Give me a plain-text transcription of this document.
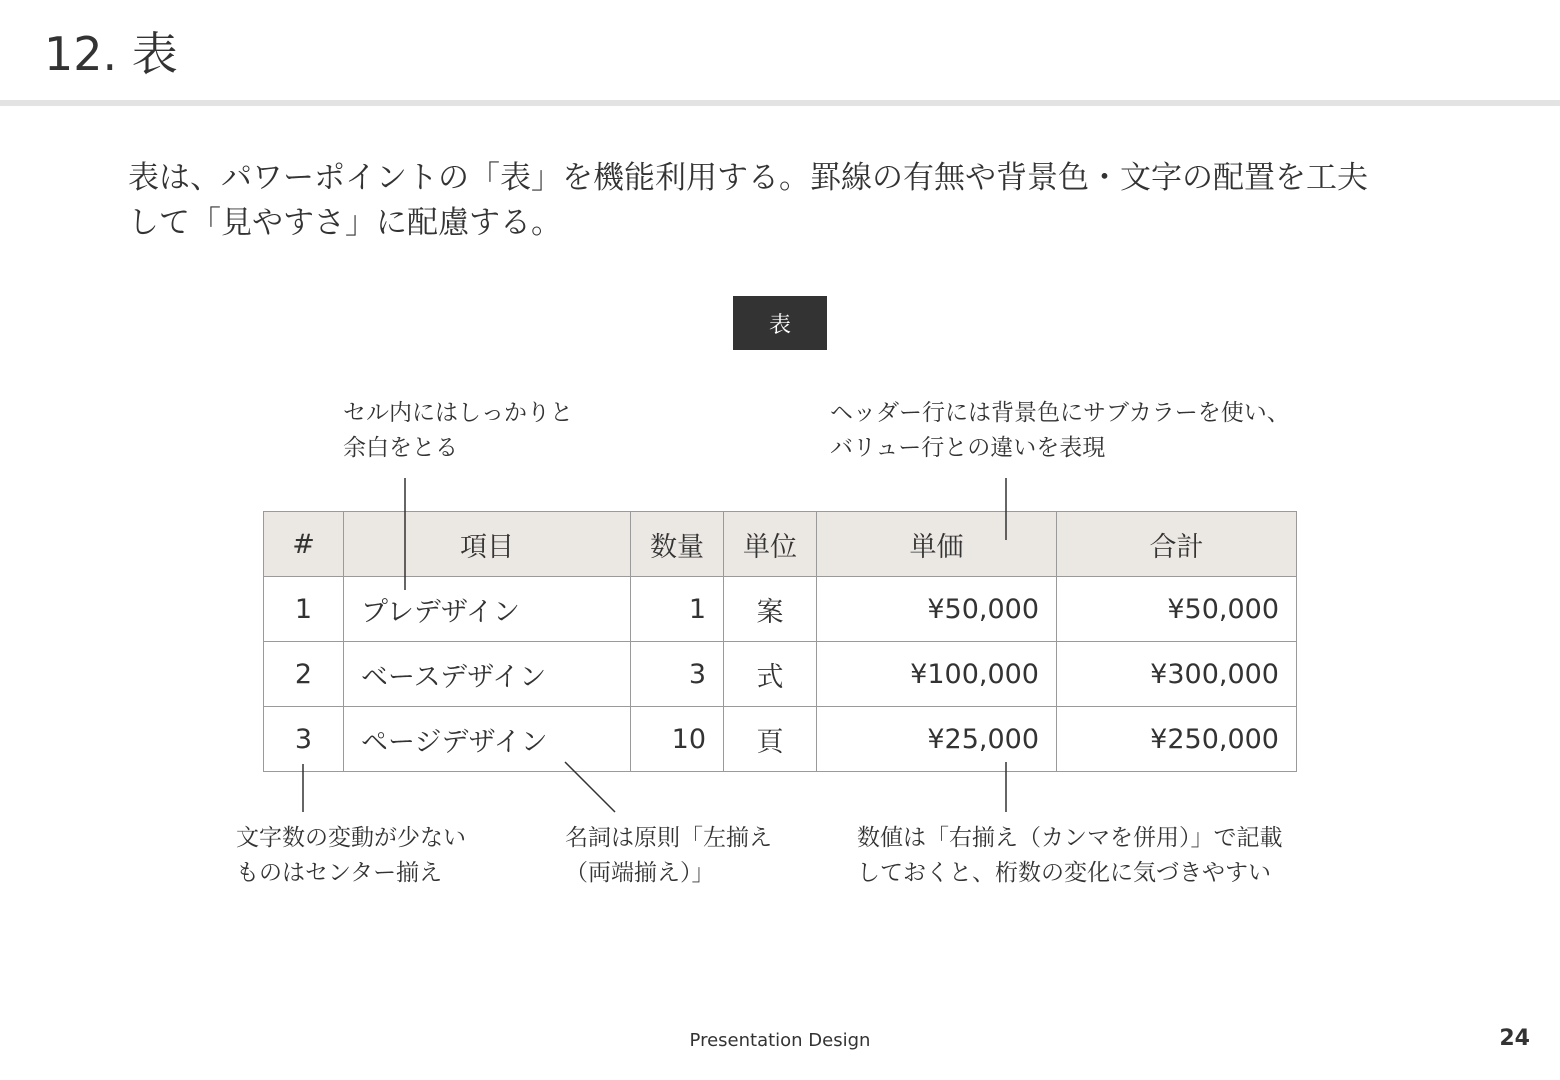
12. 表
表は、パワーポイントの「表」を機能利用する。罫線の有無や背景色・文字の配置を工夫
して「見やすさ」に配慮する。
表
セル内にはしっかりと
余白をとる
ヘッダー行には背景色にサブカラーを使い、
バリュー行との違いを表現
#	項目	数量	単位	単価	合計
1	プレデザイン	1	案	¥50,000	¥50,000
2	ベースデザイン	3	式	¥100,000	¥300,000
3	ページデザイン	10	頁	¥25,000	¥250,000
文字数の変動が少ない
ものはセンター揃え
名詞は原則「左揃え
（両端揃え）」
数値は「右揃え（カンマを併用）」で記載
しておくと、桁数の変化に気づきやすい
Presentation Design	24
